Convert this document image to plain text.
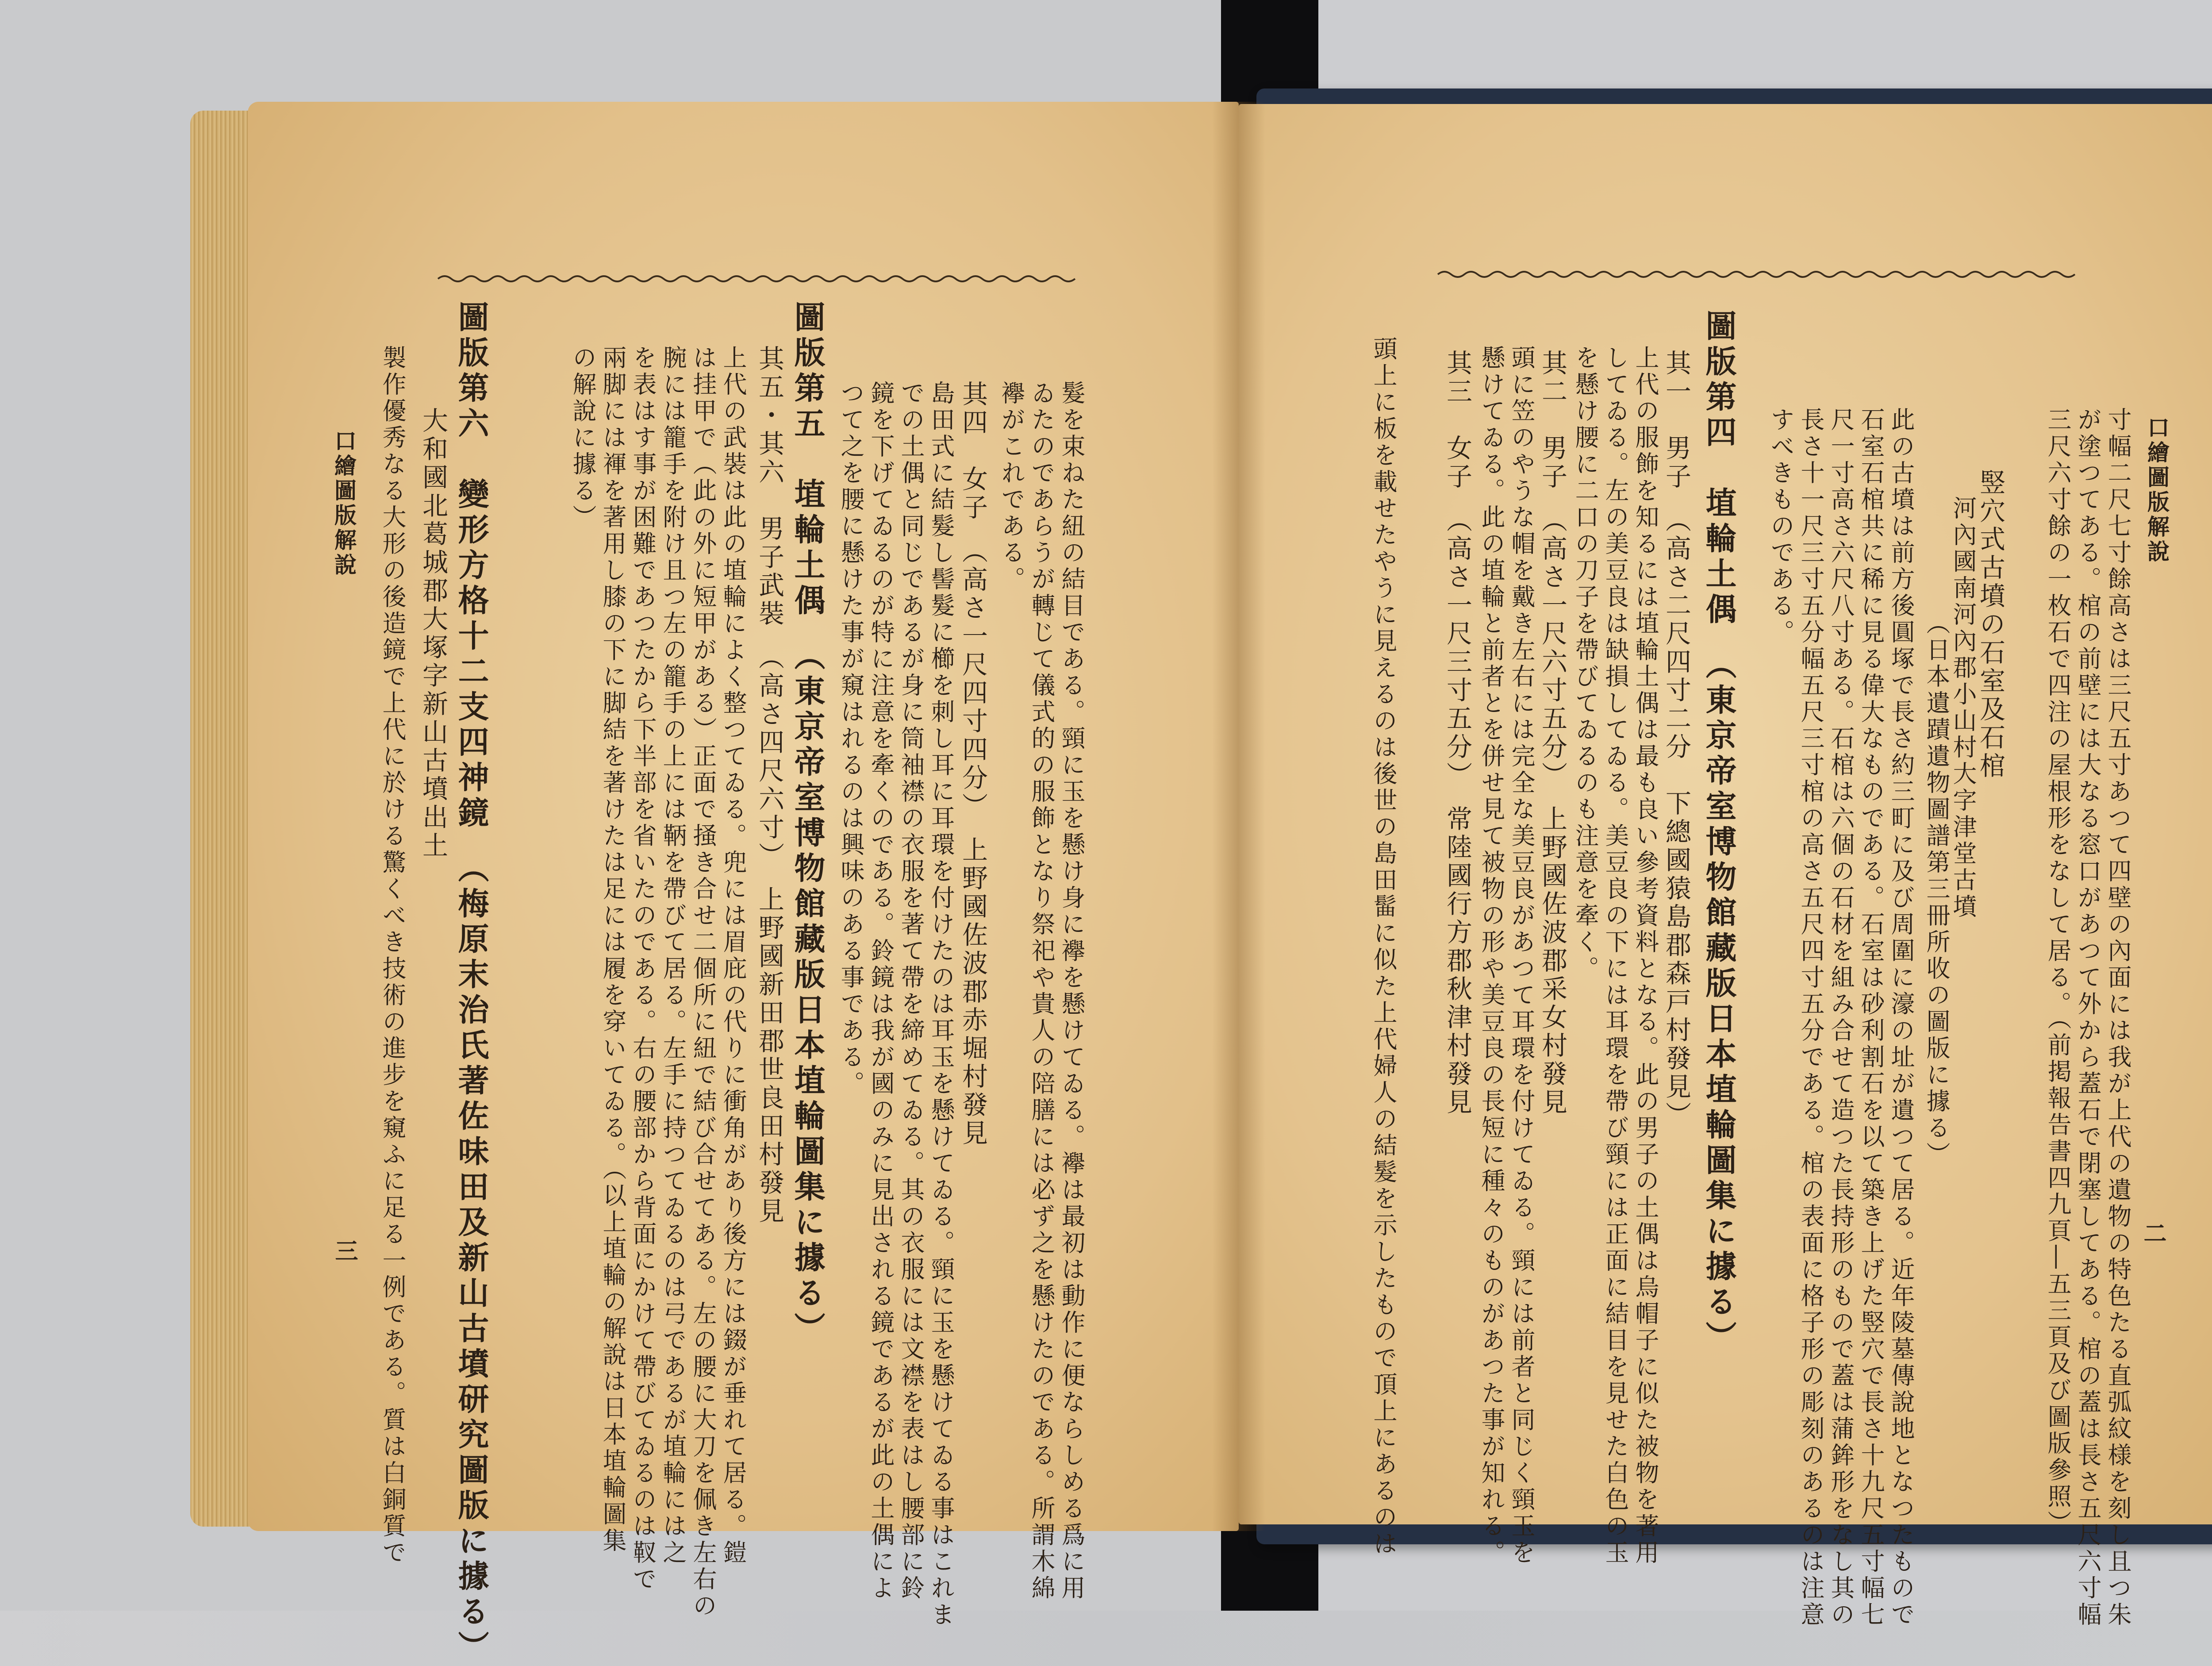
口繪圖版解說
二
口繪圖版解說
三	寸幅二尺七寸餘高さは三尺五寸あつて四壁の內面には我が上代の遺物の特色たる直弧紋様を刻し且つ朱
が塗つてある。棺の前壁には大なる窓口があつて外から蓋石で閉塞してある。棺の蓋は長さ五尺六寸幅
三尺六寸餘の一枚石で四注の屋根形をなして居る。（前掲報告書四九頁―五三頁及び圖版參照）
竪穴式古墳の石室及石棺
河內國南河內郡小山村大字津堂古墳
（日本遺蹟遺物圖譜第三冊所收の圖版に據る）
此の古墳は前方後圓塚で長さ約三町に及び周圍に濠の址が遺つて居る。近年陵墓傳說地となつたもので
石室石棺共に稀に見る偉大なものである。石室は砂利割石を以て築き上げた竪穴で長さ十九尺五寸幅七
尺一寸高さ六尺八寸ある。石棺は六個の石材を組み合せて造つた長持形のもので蓋は蒲鉾形をなし其の
長さ十一尺三寸五分幅五尺三寸棺の高さ五尺四寸五分である。棺の表面に格子形の彫刻のあるのは注意
すべきものである。
圖版第四　埴輪土偶　（東京帝室博物館藏版日本埴輪圖集に據る）
其一　男子　（高さ二尺四寸二分　下總國猿島郡森戸村發見）
上代の服飾を知るには埴輪土偶は最も良い參考資料となる。此の男子の土偶は烏帽子に似た被物を著用
してゐる。左の美豆良は缺損してゐる。美豆良の下には耳環を帶び頸には正面に結目を見せた白色の玉
を懸け腰に二口の刀子を帶びてゐるのも注意を牽く。
其二　男子　（高さ一尺六寸五分）　上野國佐波郡采女村發見
頭に笠のやうな帽を戴き左右には完全な美豆良があつて耳環を付けてゐる。頸には前者と同じく頸玉を
懸けてゐる。此の埴輪と前者とを併せ見て被物の形や美豆良の長短に種々のものがあつた事が知れる。
其三　女子　（高さ一尺三寸五分）　常陸國行方郡秋津村發見
頭上に板を載せたやうに見えるのは後世の島田髷に似た上代婦人の結髮を示したもので頂上にあるのは
髮を束ねた紐の結目である。頸に玉を懸け身に襷を懸けてゐる。襷は最初は動作に便ならしめる爲に用
ゐたのであらうが轉じて儀式的の服飾となり祭祀や貴人の陪膳には必ず之を懸けたのである。所謂木綿
襷がこれである。
其四　女子　（高さ一尺四寸四分）　上野國佐波郡赤堀村發見
島田式に結髮し髻髮に櫛を刺し耳に耳環を付けたのは耳玉を懸けてゐる。頸に玉を懸けてゐる事はこれま
での土偶と同じであるが身に筒袖襟の衣服を著て帶を締めてゐる。其の衣服には文襟を表はし腰部に鈴
鏡を下げてゐるのが特に注意を牽くのである。鈴鏡は我が國のみに見出される鏡であるが此の土偶によ
つて之を腰に懸けた事が窺はれるのは興味のある事である。
圖版第五　埴輪土偶　（東京帝室博物館藏版日本埴輪圖集に據る）
其五・其六　男子武裝　（高さ四尺六寸）　上野國新田郡世良田村發見
上代の武裝は此の埴輪によく整つてゐる。兜には眉庇の代りに衝角があり後方には錣が垂れて居る。鎧
は挂甲で（此の外に短甲がある）正面で掻き合せ二個所に紐で結び合せてある。左の腰に大刀を佩き左右の
腕には籠手を附け且つ左の籠手の上には鞆を帶びて居る。左手に持つてゐるのは弓であるが埴輪には之
を表はす事が困難であつたから下半部を省いたのである。右の腰部から背面にかけて帶びてゐるのは靫で
兩脚には褌を著用し膝の下に脚結を著けたは足には履を穿いてゐる。（以上埴輪の解說は日本埴輪圖集
の解說に據る）
圖版第六　變形方格十二支四神鏡　（梅原末治氏著佐味田及新山古墳研究圖版に據る）
大和國北葛城郡大塚字新山古墳出土
製作優秀なる大形の後造鏡で上代に於ける驚くべき技術の進步を窺ふに足る一例である。質は白銅質で
